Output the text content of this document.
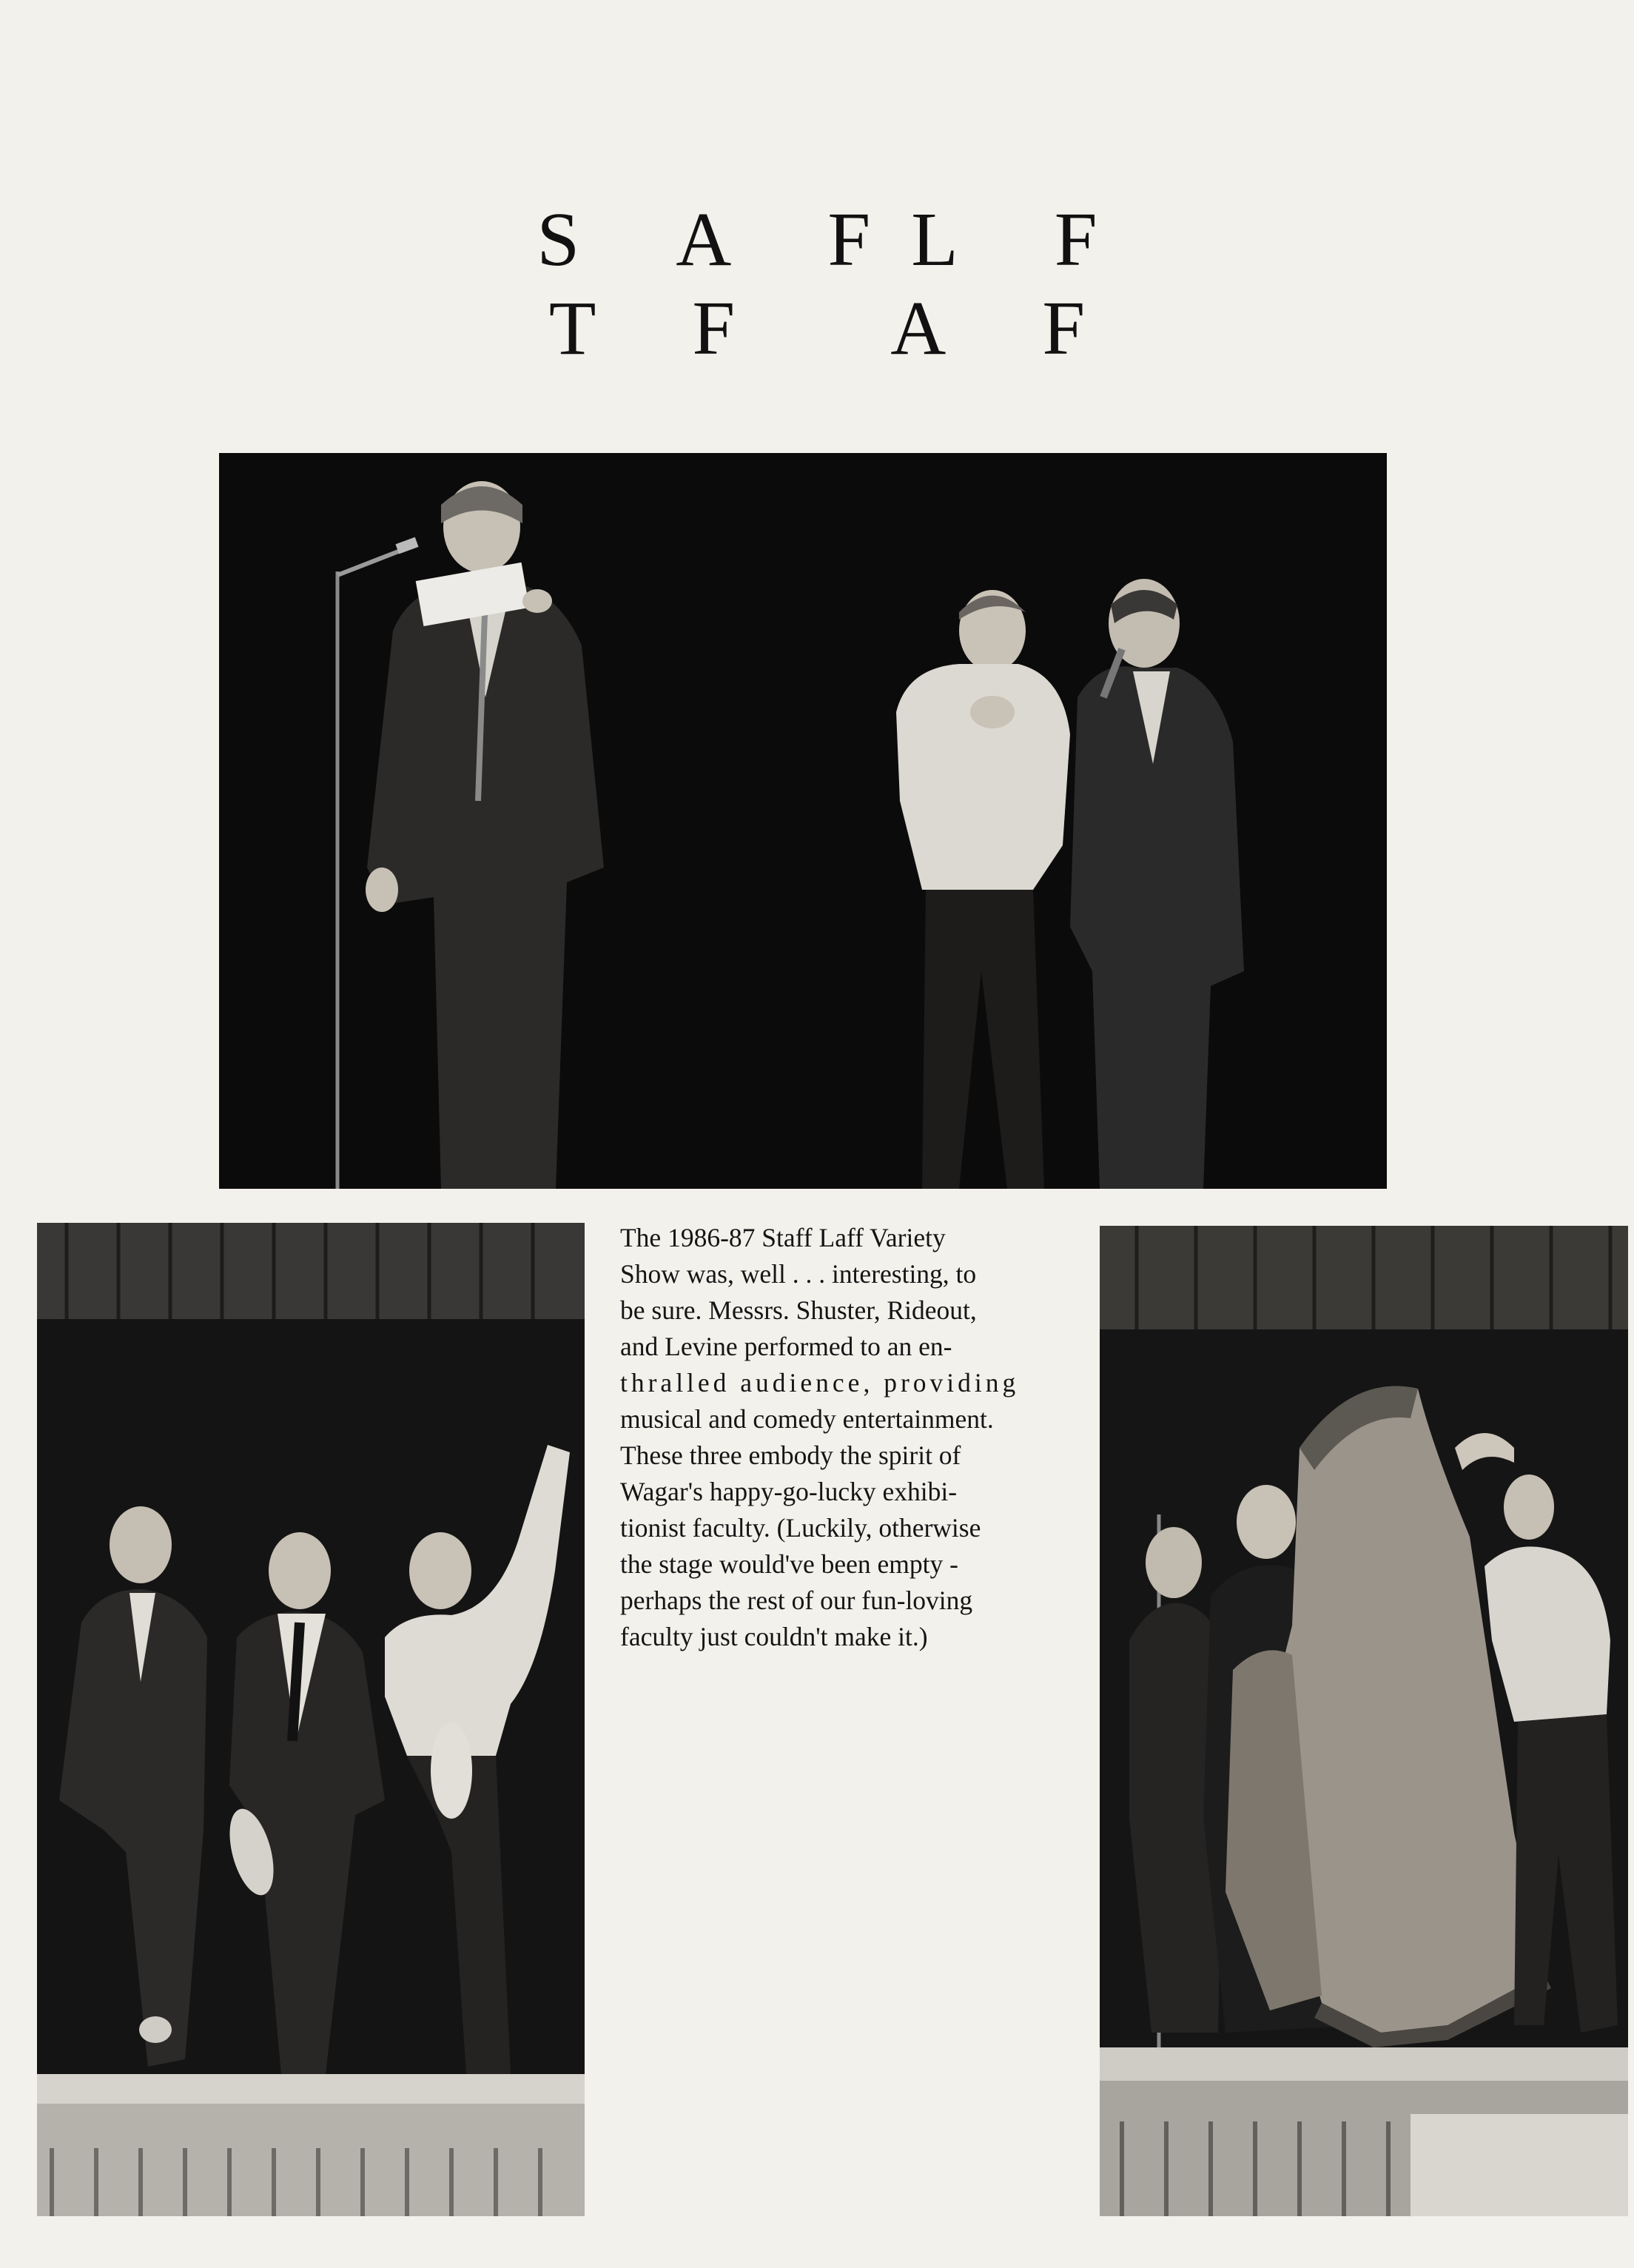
S A F L F
T F A F
The 1986-87 Staff Laff Variety
Show was, well . . . interesting, to
be sure. Messrs. Shuster, Rideout,
and Levine performed to an en-
thralled audience, providing
musical and comedy entertainment.
These three embody the spirit of
Wagar's happy-go-lucky exhibi-
tionist faculty. (Luckily, otherwise
the stage would've been empty -
perhaps the rest of our fun-loving
faculty just couldn't make it.)
